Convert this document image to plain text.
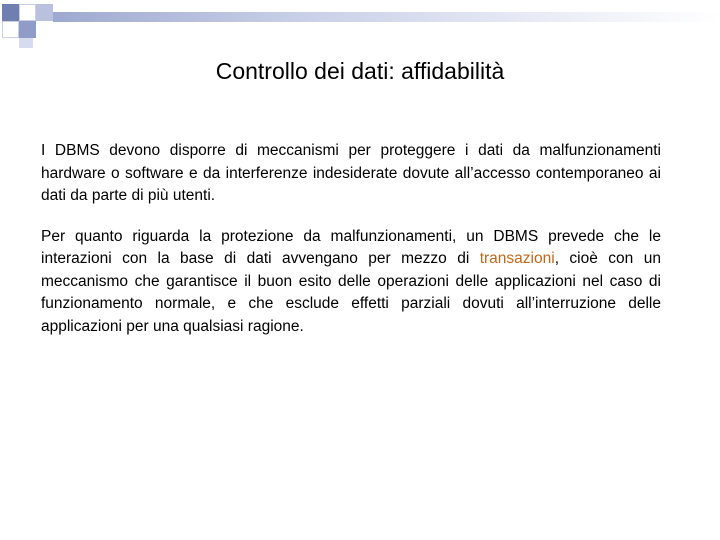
Controllo dei dati: affidabilità

I DBMS devono disporre di meccanismi per proteggere i dati da malfunzionamenti hardware o software e da interferenze indesiderate dovute all’accesso contemporaneo ai dati da parte di più utenti.

Per quanto riguarda la protezione da malfunzionamenti, un DBMS prevede che le interazioni con la base di dati avvengano per mezzo di transazioni, cioè con un meccanismo che garantisce il buon esito delle operazioni delle applicazioni nel caso di funzionamento normale, e che esclude effetti parziali dovuti all’interruzione delle applicazioni per una qualsiasi ragione.
